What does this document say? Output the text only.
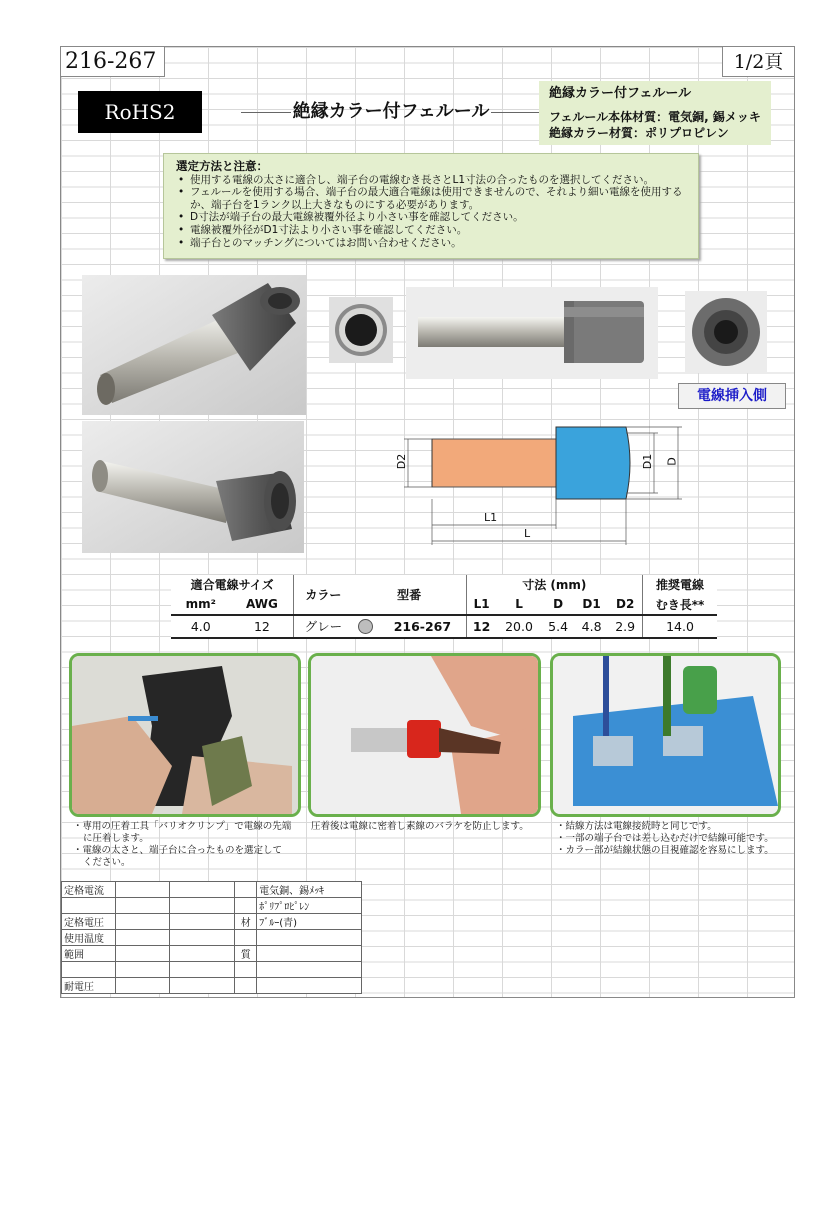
216-267	1/2頁
RoHS2	絶縁カラー付フェルール
絶縁カラー付フェルール
フェルール本体材質：電気銅, 錫メッキ
絶縁カラー材質：ポリプロピレン
選定方法と注意：
• 使用する電線の太さに適合し、端子台の電線むき長さとL1寸法の合ったものを選択してください。
• フェルールを使用する場合、端子台の最大適合電線は使用できませんので、それより細い電線を使用するか、端子台を1ランク以上大きなものにする必要があります。
• D寸法が端子台の最大電線被覆外径より小さい事を確認してください。
• 電線被覆外径がD1寸法より小さい事を確認してください。
• 端子台とのマッチングについてはお問い合わせください。
電線挿入側
D2	D1 D
L1
L
適合電線サイズ		カラー	型番		寸法 (mm)					推奨電線
mm²	AWG				L1	L	D	D1	D2	むき長**
4.0	12	グレー		216-267	12	20.0	5.4	4.8	2.9	14.0
・専用の圧着工具「バリオクリンプ」で電線の先端
に圧着します。
・電線の太さと、端子台に合ったものを選定して
ください。
圧着後は電線に密着し素線のバラケを防止します。	・結線方法は電線接続時と同じです。
・一部の端子台では差し込むだけで結線可能です。
・カラー部が結線状態の目視確認を容易にします。
定格電流				電気銅、錫ﾒｯｷ
				ﾎﾟﾘﾌﾟﾛﾋﾟﾚﾝ
定格電圧			材	ﾌﾞﾙｰ(青)
使用温度				
範囲			質	

耐電圧				
